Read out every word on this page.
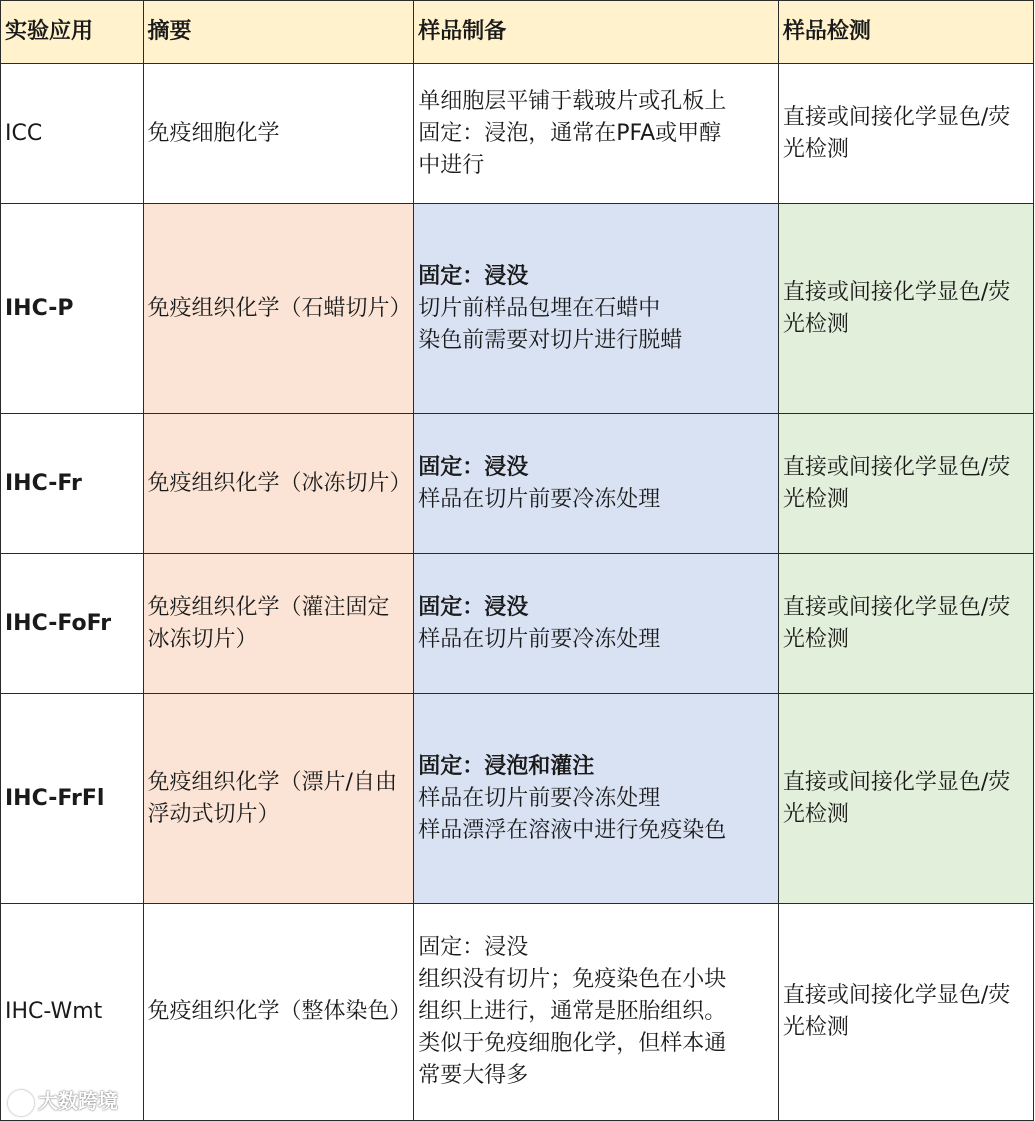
实验应用	摘要	样品制备	样品检测
ICC	免疫细胞化学	单细胞层平铺于载玻片或孔板上
固定：浸泡，通常在PFA或甲醇
中进行	直接或间接化学显色/荧光检测
IHC-P	免疫组织化学（石蜡切片）	固定：浸没
切片前样品包埋在石蜡中
染色前需要对切片进行脱蜡	直接或间接化学显色/荧光检测
IHC-Fr	免疫组织化学（冰冻切片）	固定：浸没
样品在切片前要冷冻处理	直接或间接化学显色/荧光检测
IHC-FoFr	免疫组织化学（灌注固定冰冻切片）	固定：浸没
样品在切片前要冷冻处理	直接或间接化学显色/荧光检测
IHC-FrFl	免疫组织化学（漂片/自由浮动式切片）	固定：浸泡和灌注
样品在切片前要冷冻处理
样品漂浮在溶液中进行免疫染色	直接或间接化学显色/荧光检测
IHC-Wmt	免疫组织化学（整体染色）	固定：浸没
组织没有切片；免疫染色在小块
组织上进行，通常是胚胎组织。
类似于免疫细胞化学，但样本通
常要大得多	直接或间接化学显色/荧光检测
大数跨境
